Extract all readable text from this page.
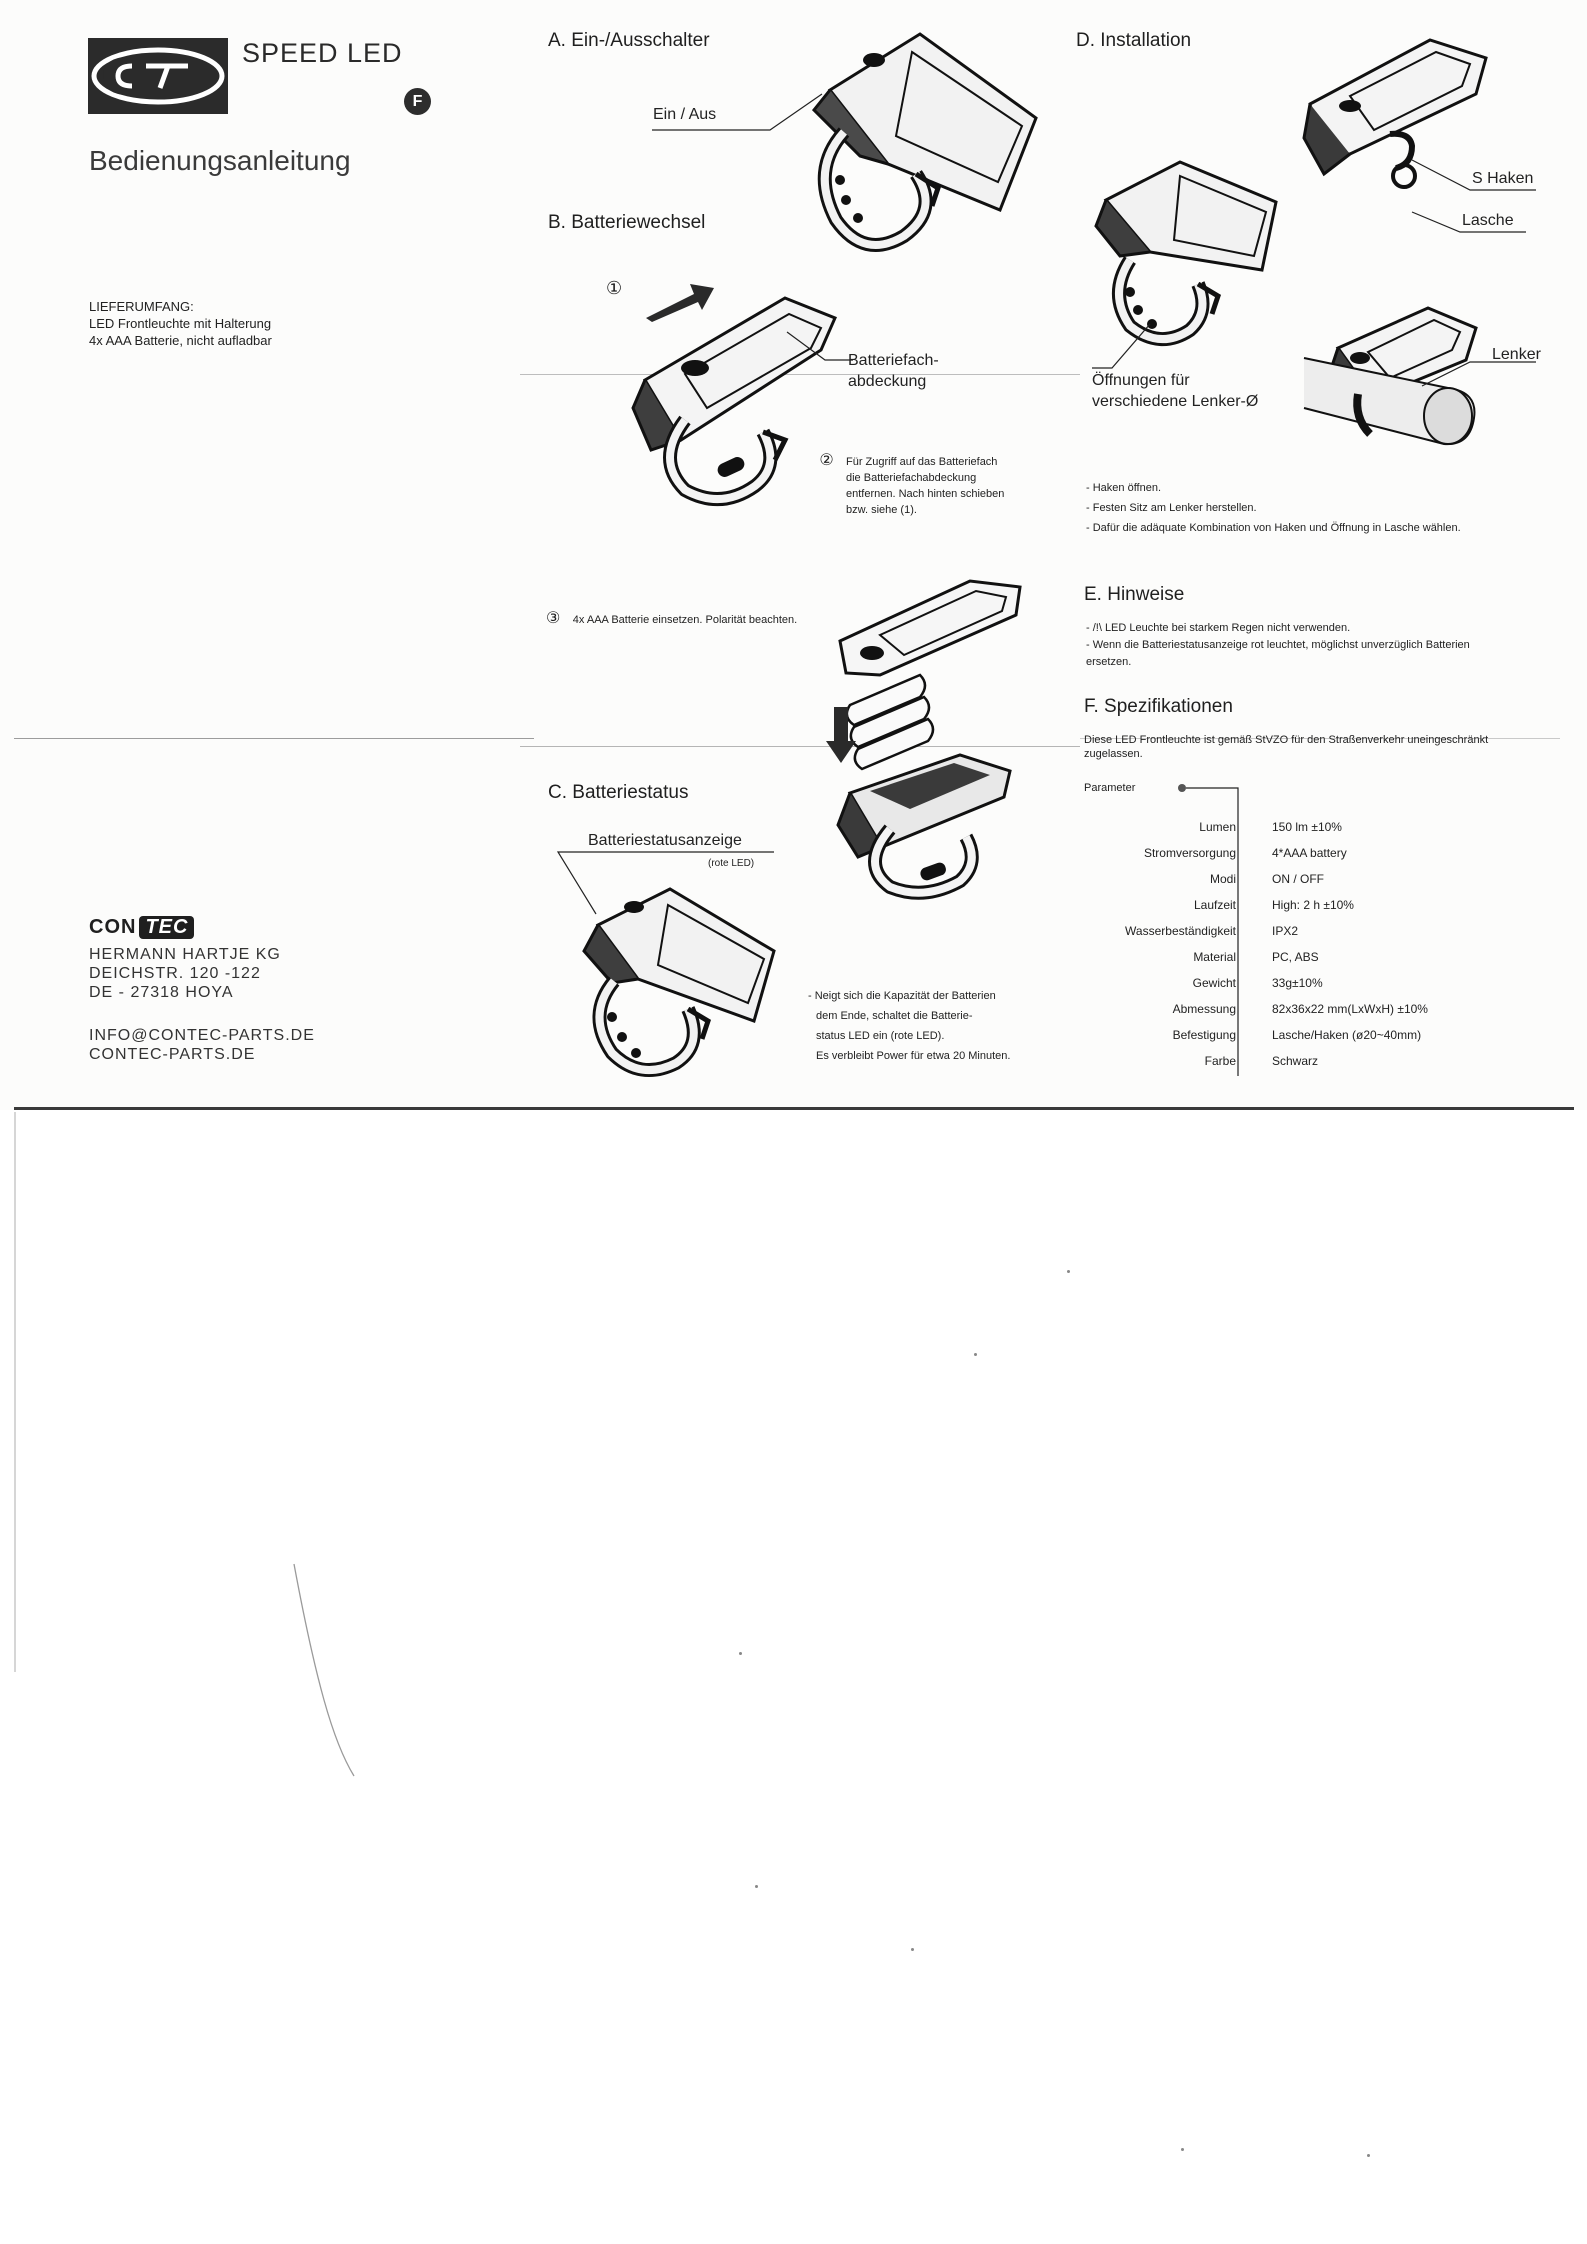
SPEED LED
F
Bedienungsanleitung
LIEFERUMFANG:
LED Frontleuchte mit Halterung
4x AAA Batterie, nicht aufladbar
CON TEC
HERMANN HARTJE KG
DEICHSTR. 120 -122
DE - 27318 HOYA
INFO@CONTEC-PARTS.DE
CONTEC-PARTS.DE
A. Ein-/Ausschalter
Ein / Aus
B. Batteriewechsel
①
Batteriefach-
abdeckung
② Für Zugriff auf das Batteriefach
die Batteriefachabdeckung
entfernen. Nach hinten schieben
bzw. siehe (1).
③ 4x AAA Batterie einsetzen. Polarität beachten.
C. Batteriestatus
Batteriestatusanzeige
(rote LED)
- Neigt sich die Kapazität der Batterien
dem Ende, schaltet die Batterie-
status LED ein (rote LED).
Es verbleibt Power für etwa 20 Minuten.
D. Installation
S Haken
Lasche
Öffnungen für
verschiedene Lenker-Ø
Lenker
- Haken öffnen.
- Festen Sitz am Lenker herstellen.
- Dafür die adäquate Kombination von Haken und Öffnung in Lasche wählen.
E. Hinweise
- /!\ LED Leuchte bei starkem Regen nicht verwenden.
- Wenn die Batteriestatusanzeige rot leuchtet, möglichst unverzüglich Batterien
ersetzen.
F. Spezifikationen
Diese LED Frontleuchte ist gemäß StVZO für den Straßenverkehr uneingeschränkt
zugelassen.
Parameter
Lumen	150 lm ±10%
Stromversorgung	4*AAA battery
Modi	ON / OFF
Laufzeit	High: 2 h ±10%
Wasserbeständigkeit	IPX2
Material	PC, ABS
Gewicht	33g±10%
Abmessung	82x36x22 mm(LxWxH) ±10%
Befestigung	Lasche/Haken (ø20~40mm)
Farbe	Schwarz
